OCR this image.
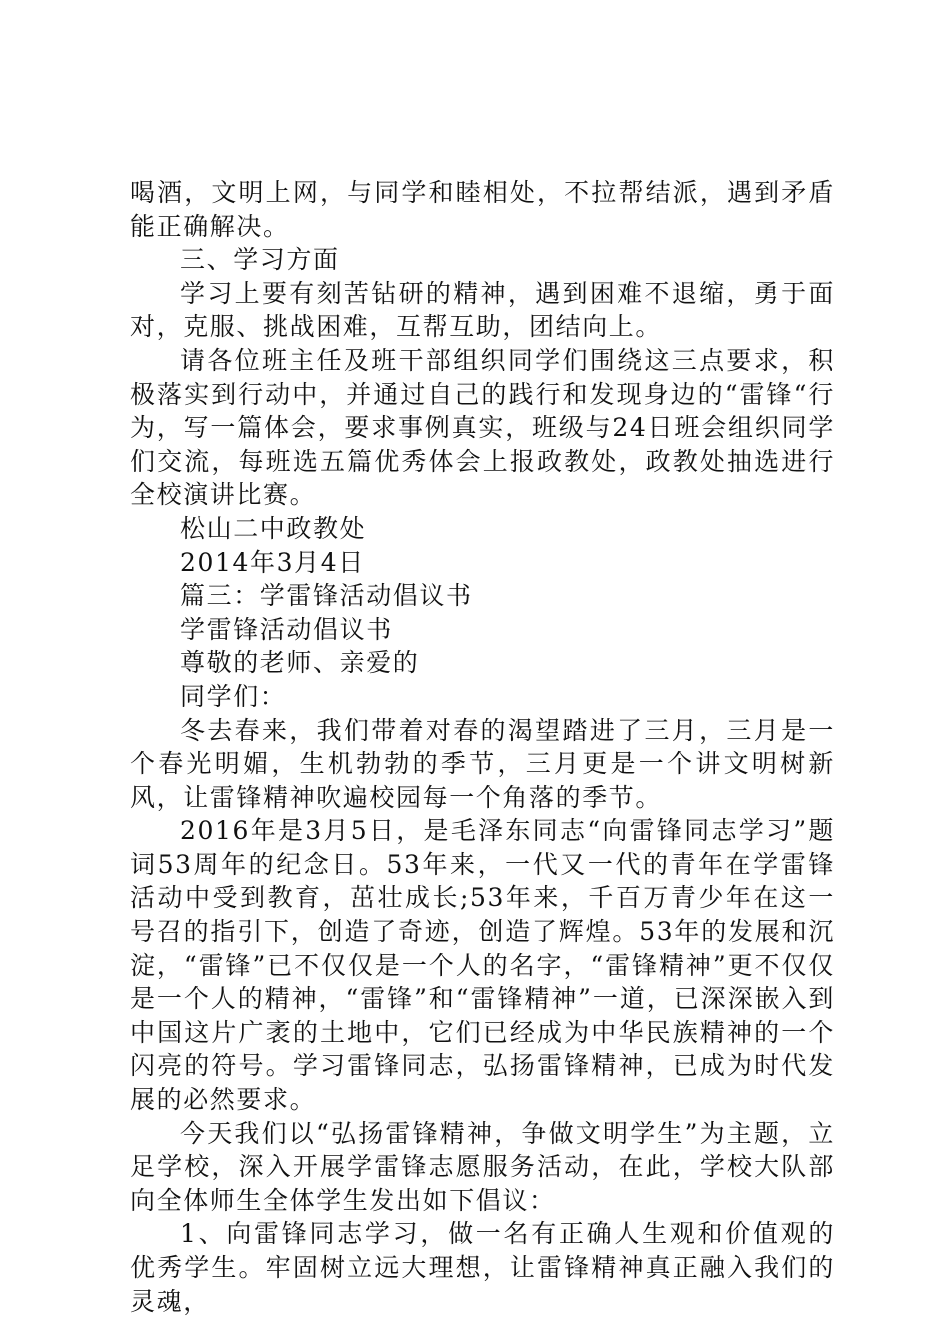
喝酒，文明上网，与同学和睦相处，不拉帮结派，遇到矛盾能正确解决。

三、学习方面

学习上要有刻苦钻研的精神，遇到困难不退缩，勇于面对，克服、挑战困难，互帮互助，团结向上。

请各位班主任及班干部组织同学们围绕这三点要求，积极落实到行动中，并通过自己的践行和发现身边的“雷锋“行为，写一篇体会，要求事例真实，班级与24日班会组织同学们交流，每班选五篇优秀体会上报政教处，政教处抽选进行全校演讲比赛。

松山二中政教处

2014年3月4日

篇三：学雷锋活动倡议书

学雷锋活动倡议书

尊敬的老师、亲爱的

同学们：

冬去春来，我们带着对春的渴望踏进了三月，三月是一个春光明媚，生机勃勃的季节，三月更是一个讲文明树新风，让雷锋精神吹遍校园每一个角落的季节。

2016年是3月5日，是毛泽东同志“向雷锋同志学习”题词53周年的纪念日。53年来，一代又一代的青年在学雷锋活动中受到教育，茁壮成长;53年来，千百万青少年在这一号召的指引下，创造了奇迹，创造了辉煌。53年的发展和沉淀，“雷锋”已不仅仅是一个人的名字，“雷锋精神”更不仅仅是一个人的精神，“雷锋”和“雷锋精神”一道，已深深嵌入到中国这片广袤的土地中，它们已经成为中华民族精神的一个闪亮的符号。学习雷锋同志，弘扬雷锋精神，已成为时代发展的必然要求。

今天我们以“弘扬雷锋精神，争做文明学生”为主题，立足学校，深入开展学雷锋志愿服务活动，在此，学校大队部向全体师生全体学生发出如下倡议：

1、向雷锋同志学习，做一名有正确人生观和价值观的优秀学生。牢固树立远大理想，让雷锋精神真正融入我们的灵魂，
